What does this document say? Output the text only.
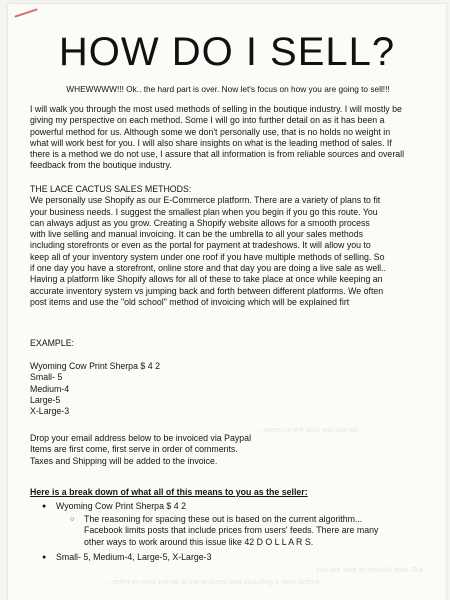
HOW DO I SELL?
WHEWWWW!!! Ok.. the hard part is over. Now let's focus on how you are going to sell!!!
I will walk you through the most used methods of selling in the boutique industry. I will mostly be
giving my perspective on each method. Some I will go into further detail on as it has been a
powerful method for us. Although some we don't personally use, that is no holds no weight in
what will work best for you. I will also share insights on what is the leading method of sales. If
there is a method we do not use, I assure that all information is from reliable sources and overall
feedback from the boutique industry.
THE LACE CACTUS SALES METHODS:
We personally use Shopify as our E-Commerce platform. There are a variety of plans to fit
your business needs. I suggest the smallest plan when you begin if you go this route. You
can always adjust as you grow. Creating a Shopify website allows for a smooth process
with live selling and manual invoicing. It can be the umbrella to all your sales methods
including storefronts or even as the portal for payment at tradeshows. It will allow you to
keep all of your inventory system under one roof if you have multiple methods of selling. So
if one day you have a storefront, online store and that day you are doing a live sale as well..
Having a platform like Shopify allows for all of these to take place at once while keeping an
accurate inventory system vs jumping back and forth between different platforms. We often
post items and use the "old school" method of invoicing which will be explained firt
EXAMPLE:
Wyoming Cow Print Sherpa $ 4 2
Small- 5
Medium-4
Large-5
X-Large-3
Drop your email address below to be invoiced via Paypal
Items are first come, first serve in order of comments.
Taxes and Shipping will be added to the invoice.
... prices in the post you can do
... you are able to actually own. But
... seller on your behalf at the process and including a work before
Here is a break down of what all of this means to you as the seller:
● Wyoming Cow Print Sherpa $ 4 2
○ The reasoning for spacing these out is based on the current algorithm...
Facebook limits posts that include prices from users' feeds. There are many
other ways to work around this issue like 42 D O L L A R S.
● Small- 5, Medium-4, Large-5, X-Large-3
